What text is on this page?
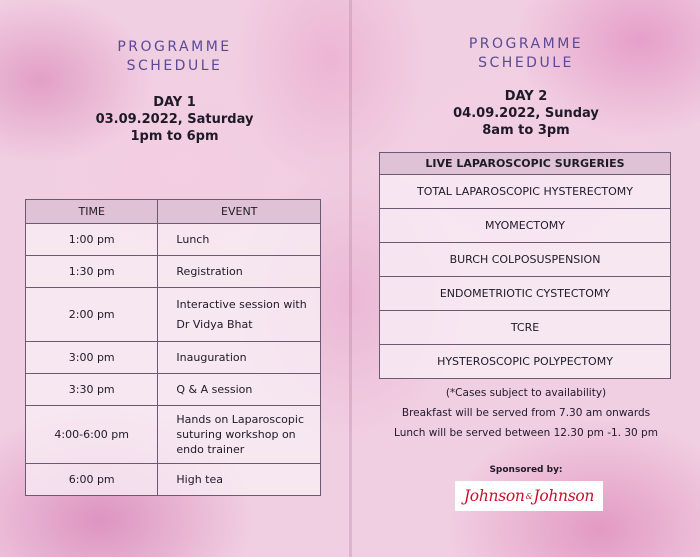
PROGRAMME
SCHEDULE
DAY 1
03.09.2022, Saturday
1pm to 6pm
TIME	EVENT
1:00 pm	Lunch
1:30 pm	Registration
2:00 pm	Interactive session with
Dr Vidya Bhat
3:00 pm	Inauguration
3:30 pm	Q & A session
4:00-6:00 pm	Hands on Laparoscopic
suturing workshop on
endo trainer
6:00 pm	High tea
PROGRAMME
SCHEDULE
DAY 2
04.09.2022, Sunday
8am to 3pm
LIVE LAPAROSCOPIC SURGERIES
TOTAL LAPAROSCOPIC HYSTERECTOMY
MYOMECTOMY
BURCH COLPOSUSPENSION
ENDOMETRIOTIC CYSTECTOMY
TCRE
HYSTEROSCOPIC POLYPECTOMY
(*Cases subject to availability)
Breakfast will be served from 7.30 am onwards
Lunch will be served between 12.30 pm -1. 30 pm
Sponsored by:
Johnson & Johnson
